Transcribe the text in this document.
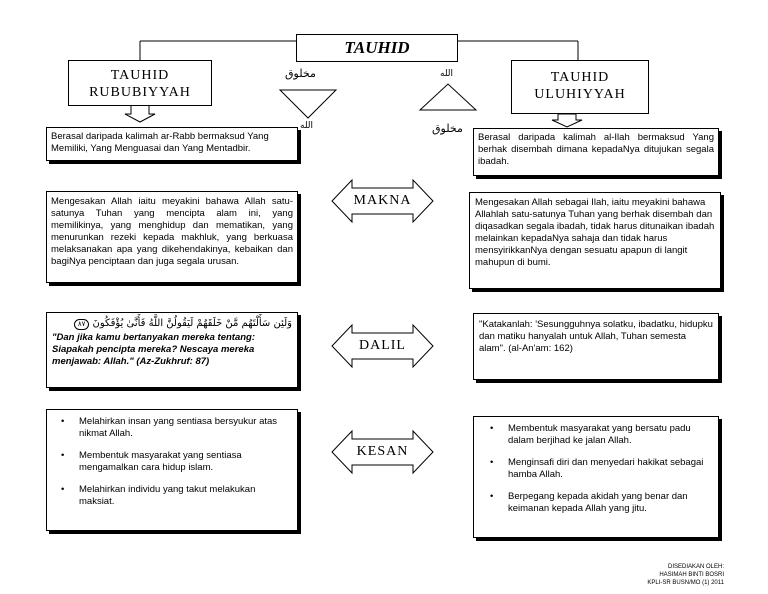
TAUHID
TAUHID
RUBUBIYYAH
TAUHID
ULUHIYYAH
مخلوق
الله
الله
مخلوق
Berasal daripada kalimah ar-Rabb bermaksud Yang Memiliki, Yang Menguasai dan Yang Mentadbir.
Berasal daripada kalimah al-Ilah bermaksud Yang berhak disembah dimana kepadaNya ditujukan segala ibadah.
Mengesakan Allah iaitu meyakini bahawa Allah satu-satunya Tuhan yang mencipta alam ini, yang memilikinya, yang menghidup dan mematikan, yang menurunkan rezeki kepada makhluk, yang berkuasa melaksanakan apa yang dikehendakinya, kebaikan dan bagiNya penciptaan dan juga segala urusan.
MAKNA	Mengesakan Allah sebagai Ilah, iaitu meyakini bahawa Allahlah satu-satunya Tuhan yang berhak disembah dan diqasadkan segala ibadah, tidak harus ditunaikan ibadah melainkan kepadaNya sahaja dan tidak harus mensyirikkanNya dengan sesuatu apapun di langit mahupun di bumi.
وَلَئِن سَأَلْتَهُم مَّنْ خَلَقَهُمْ لَيَقُولُنَّ اللَّهُ فَأَنَّىٰ يُؤْفَكُونَ ٨٧
"Dan jika kamu bertanyakan mereka tentang: Siapakah pencipta mereka? Nescaya mereka menjawab: Allah." (Az-Zukhruf: 87)
DALIL
"Katakanlah: 'Sesungguhnya solatku, ibadatku, hidupku dan matiku hanyalah untuk Allah, Tuhan semesta alam". (al-An'am: 162)
• Melahirkan insan yang sentiasa bersyukur atas nikmat Allah.
• Membentuk masyarakat yang sentiasa mengamalkan cara hidup islam.
• Melahirkan individu yang takut melakukan maksiat.
KESAN
• Membentuk masyarakat yang bersatu padu dalam berjihad ke jalan Allah.
• Menginsafi diri dan menyedari hakikat sebagai hamba Allah.
• Berpegang kepada akidah yang benar dan keimanan kepada Allah yang jitu.
DISEDIAKAN OLEH:
HASIMAH BINTI BOSRI
KPLI-SR BUSN/MO (1) 2011
